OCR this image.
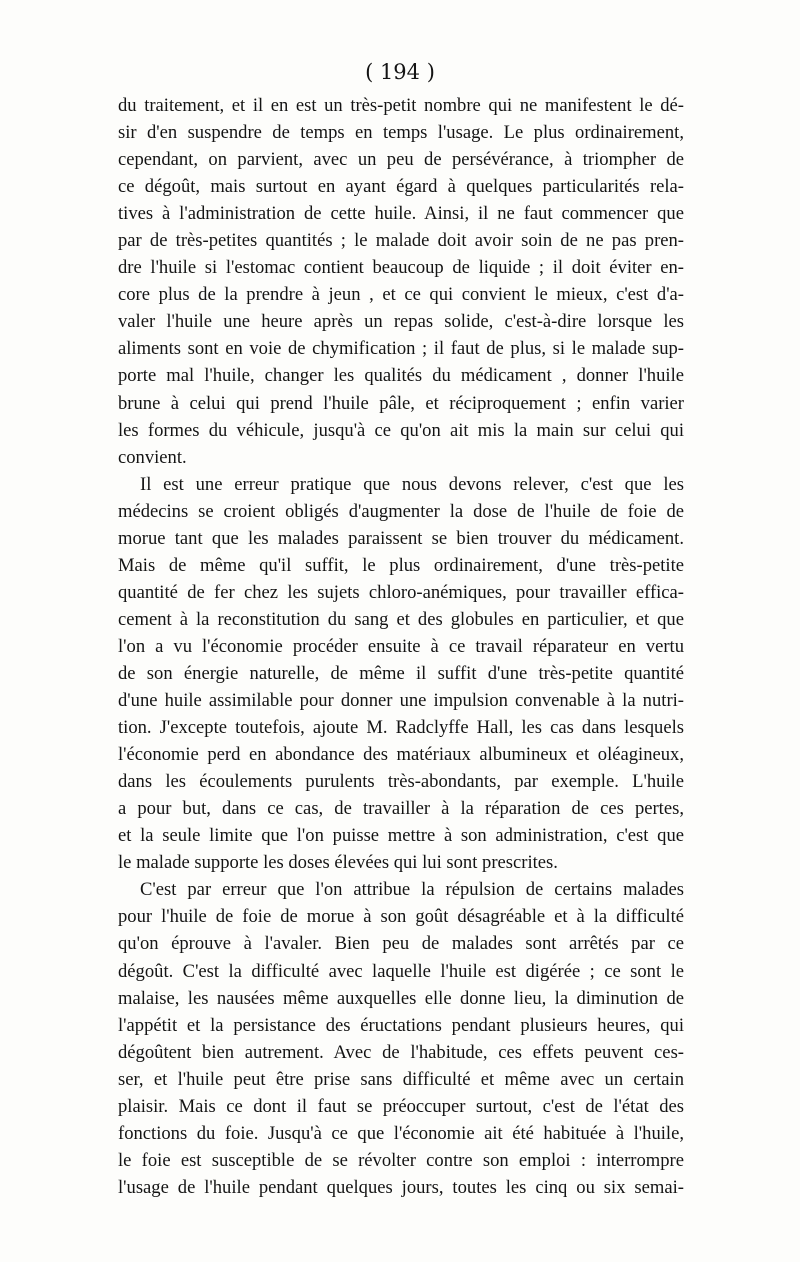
( 194 )
du traitement, et il en est un très-petit nombre qui ne manifestent le dé-
sir d'en suspendre de temps en temps l'usage. Le plus ordinairement,
cependant, on parvient, avec un peu de persévérance, à triompher de
ce dégoût, mais surtout en ayant égard à quelques particularités rela-
tives à l'administration de cette huile. Ainsi, il ne faut commencer que
par de très-petites quantités ; le malade doit avoir soin de ne pas pren-
dre l'huile si l'estomac contient beaucoup de liquide ; il doit éviter en-
core plus de la prendre à jeun , et ce qui convient le mieux, c'est d'a-
valer l'huile une heure après un repas solide, c'est-à-dire lorsque les
aliments sont en voie de chymification ; il faut de plus, si le malade sup-
porte mal l'huile, changer les qualités du médicament , donner l'huile
brune à celui qui prend l'huile pâle, et réciproquement ; enfin varier
les formes du véhicule, jusqu'à ce qu'on ait mis la main sur celui qui
convient.
Il est une erreur pratique que nous devons relever, c'est que les
médecins se croient obligés d'augmenter la dose de l'huile de foie de
morue tant que les malades paraissent se bien trouver du médicament.
Mais de même qu'il suffit, le plus ordinairement, d'une très-petite
quantité de fer chez les sujets chloro-anémiques, pour travailler effica-
cement à la reconstitution du sang et des globules en particulier, et que
l'on a vu l'économie procéder ensuite à ce travail réparateur en vertu
de son énergie naturelle, de même il suffit d'une très-petite quantité
d'une huile assimilable pour donner une impulsion convenable à la nutri-
tion. J'excepte toutefois, ajoute M. Radclyffe Hall, les cas dans lesquels
l'économie perd en abondance des matériaux albumineux et oléagineux,
dans les écoulements purulents très-abondants, par exemple. L'huile
a pour but, dans ce cas, de travailler à la réparation de ces pertes,
et la seule limite que l'on puisse mettre à son administration, c'est que
le malade supporte les doses élevées qui lui sont prescrites.
C'est par erreur que l'on attribue la répulsion de certains malades
pour l'huile de foie de morue à son goût désagréable et à la difficulté
qu'on éprouve à l'avaler. Bien peu de malades sont arrêtés par ce
dégoût. C'est la difficulté avec laquelle l'huile est digérée ; ce sont le
malaise, les nausées même auxquelles elle donne lieu, la diminution de
l'appétit et la persistance des éructations pendant plusieurs heures, qui
dégoûtent bien autrement. Avec de l'habitude, ces effets peuvent ces-
ser, et l'huile peut être prise sans difficulté et même avec un certain
plaisir. Mais ce dont il faut se préoccuper surtout, c'est de l'état des
fonctions du foie. Jusqu'à ce que l'économie ait été habituée à l'huile,
le foie est susceptible de se révolter contre son emploi : interrompre
l'usage de l'huile pendant quelques jours, toutes les cinq ou six semai-
